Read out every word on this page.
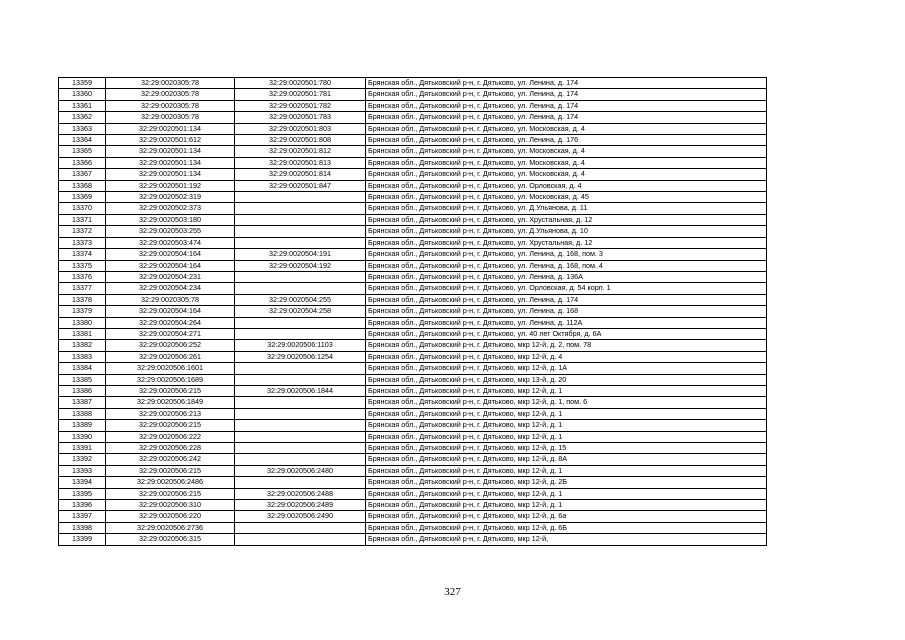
13359	32:29:0020305:78	32:29:0020501:780	Брянская обл., Дятьковский р-н, г. Дятьково, ул. Ленина, д. 174
13360	32:29:0020305:78	32:29:0020501:781	Брянская обл., Дятьковский р-н, г. Дятьково, ул. Ленина, д. 174
13361	32:29:0020305:78	32:29:0020501:782	Брянская обл., Дятьковский р-н, г. Дятьково, ул. Ленина, д. 174
13362	32:29:0020305:78	32:29:0020501:783	Брянская обл., Дятьковский р-н, г. Дятьково, ул. Ленина, д. 174
13363	32:29:0020501:134	32:29:0020501:803	Брянская обл., Дятьковский р-н, г. Дятьково, ул. Московская, д. 4
13364	32:29:0020501:612	32:29:0020501:808	Брянская обл., Дятьковский р-н, г. Дятьково, ул. Ленина, д. 176
13365	32:29:0020501:134	32:29:0020501:812	Брянская обл., Дятьковский р-н, г. Дятьково, ул. Московская, д. 4
13366	32:29:0020501:134	32:29:0020501:813	Брянская обл., Дятьковский р-н, г. Дятьково, ул. Московская, д. 4
13367	32:29:0020501:134	32:29:0020501:814	Брянская обл., Дятьковский р-н, г. Дятьково, ул. Московская, д. 4
13368	32:29:0020501:192	32:29:0020501:847	Брянская обл., Дятьковский р-н, г. Дятьково, ул. Орловская, д. 4
13369	32:29:0020502:319		Брянская обл., Дятьковский р-н, г. Дятьково, ул. Московская, д. 45
13370	32:29:0020502:373		Брянская обл., Дятьковский р-н, г. Дятьково, ул. Д.Ульянова, д. 11
13371	32:29:0020503:180		Брянская обл., Дятьковский р-н, г. Дятьково, ул. Хрустальная, д. 12
13372	32:29:0020503:255		Брянская обл., Дятьковский р-н, г. Дятьково, ул. Д.Ульянова, д. 10
13373	32:29:0020503:474		Брянская обл., Дятьковский р-н, г. Дятьково, ул. Хрустальная, д. 12
13374	32:29:0020504:164	32:29:0020504:191	Брянская обл., Дятьковский р-н, г. Дятьково, ул. Ленина, д. 168, пом. 3
13375	32:29:0020504:164	32:29:0020504:192	Брянская обл., Дятьковский р-н, г. Дятьково, ул. Ленина, д. 168, пом. 4
13376	32:29:0020504:231		Брянская обл., Дятьковский р-н, г. Дятьково, ул. Ленина, д. 136А
13377	32:29:0020504:234		Брянская обл., Дятьковский р-н, г. Дятьково, ул. Орловская, д. 54 корп. 1
13378	32:29:0020305:78	32:29:0020504:255	Брянская обл., Дятьковский р-н, г. Дятьково, ул. Ленина, д. 174
13379	32:29:0020504:164	32:29:0020504:258	Брянская обл., Дятьковский р-н, г. Дятьково, ул. Ленина, д. 168
13380	32:29:0020504:264		Брянская обл., Дятьковский р-н, г. Дятьково, ул. Ленина, д. 112А
13381	32:29:0020504:271		Брянская обл., Дятьковский р-н, г. Дятьково, ул. 40 лет Октября, д. 6А
13382	32:29:0020506:252	32:29:0020506:1103	Брянская обл., Дятьковский р-н, г. Дятьково, мкр 12-й, д. 2, пом. 78
13383	32:29:0020506:261	32:29:0020506:1254	Брянская обл., Дятьковский р-н, г. Дятьково, мкр 12-й, д. 4
13384	32:29:0020506:1601		Брянская обл., Дятьковский р-н, г. Дятьково, мкр 12-й, д. 1А
13385	32:29:0020506:1689		Брянская обл., Дятьковский р-н, г. Дятьково, мкр 13-й, д. 20
13386	32:29:0020506:215	32:29:0020506:1844	Брянская обл., Дятьковский р-н, г. Дятьково, мкр 12-й, д. 1
13387	32:29:0020506:1849		Брянская обл., Дятьковский р-н, г. Дятьково, мкр 12-й, д. 1, пом. 6
13388	32:29:0020506:213		Брянская обл., Дятьковский р-н, г. Дятьково, мкр 12-й, д. 1
13389	32:29:0020506:215		Брянская обл., Дятьковский р-н, г. Дятьково, мкр 12-й, д. 1
13390	32:29:0020506:222		Брянская обл., Дятьковский р-н, г. Дятьково, мкр 12-й, д. 1
13391	32:29:0020506:228		Брянская обл., Дятьковский р-н, г. Дятьково, мкр 12-й, д. 15
13392	32:29:0020506:242		Брянская обл., Дятьковский р-н, г. Дятьково, мкр 12-й, д. 8А
13393	32:29:0020506:215	32:29:0020506:2480	Брянская обл., Дятьковский р-н, г. Дятьково, мкр 12-й, д. 1
13394	32:29:0020506:2486		Брянская обл., Дятьковский р-н, г. Дятьково, мкр 12-й, д. 2Б
13395	32:29:0020506:215	32:29:0020506:2488	Брянская обл., Дятьковский р-н, г. Дятьково, мкр 12-й, д. 1
13396	32:29:0020506:310	32:29:0020506:2489	Брянская обл., Дятьковский р-н, г. Дятьково, мкр 12-й, д. 1
13397	32:29:0020506:220	32:29:0020506:2490	Брянская обл., Дятьковский р-н, г. Дятьково, мкр 12-й, д. 6а
13398	32:29:0020506:2736		Брянская обл., Дятьковский р-н, г. Дятьково, мкр 12-й, д. 6Б
13399	32:29:0020506:315		Брянская обл., Дятьковский р-н, г. Дятьково, мкр 12-й,
327
